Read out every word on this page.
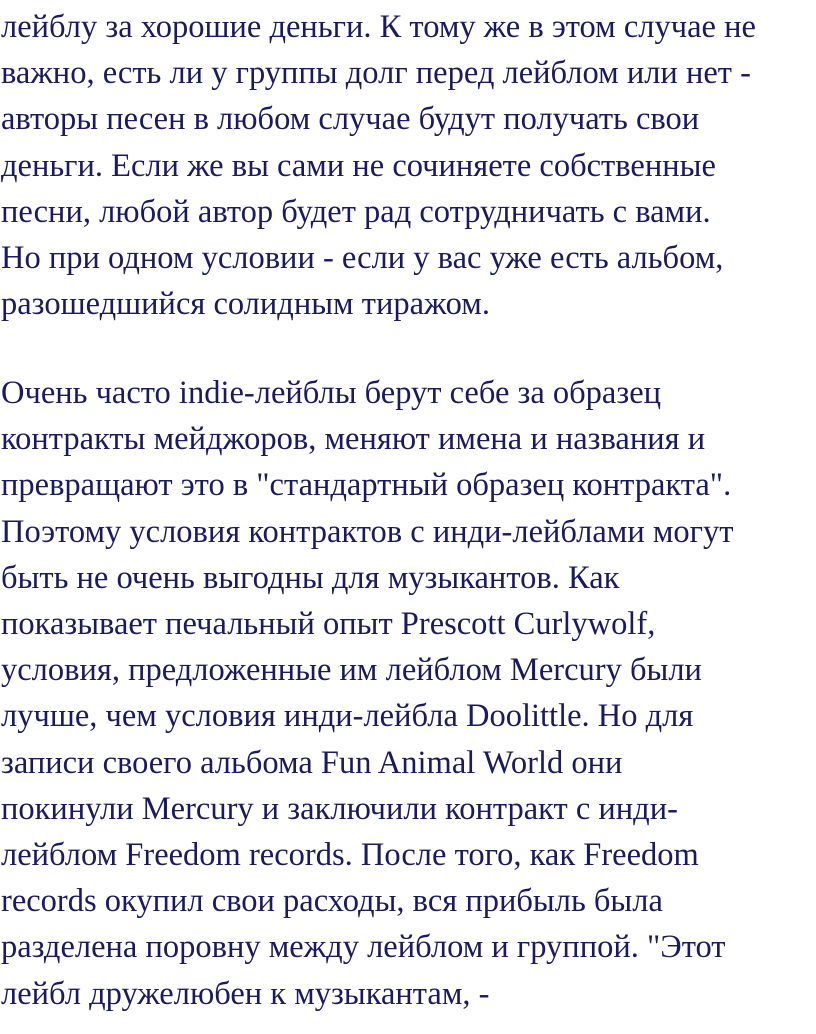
лейблу за хорошие деньги. К тому же в этом случае не
важно, есть ли у группы долг перед лейблом или нет -
авторы песен в любом случае будут получать свои
деньги. Если же вы сами не сочиняете собственные
песни, любой автор будет рад сотрудничать с вами.
Но при одном условии - если у вас уже есть альбом,
разошедшийся солидным тиражом.
Очень часто indie-лейблы берут себе за образец
контракты мейджоров, меняют имена и названия и
превращают это в "стандартный образец контракта".
Поэтому условия контрактов с инди-лейблами могут
быть не очень выгодны для музыкантов. Как
показывает печальный опыт Prescott Curlywolf,
условия, предложенные им лейблом Mercury были
лучше, чем условия инди-лейбла Doolittle. Но для
записи своего альбома Fun Animal World они
покинули Mercury и заключили контракт с инди-
лейблом Freedom records. После того, как Freedom
records окупил свои расходы, вся прибыль была
разделена поровну между лейблом и группой. "Этот
лейбл дружелюбен к музыкантам, -
